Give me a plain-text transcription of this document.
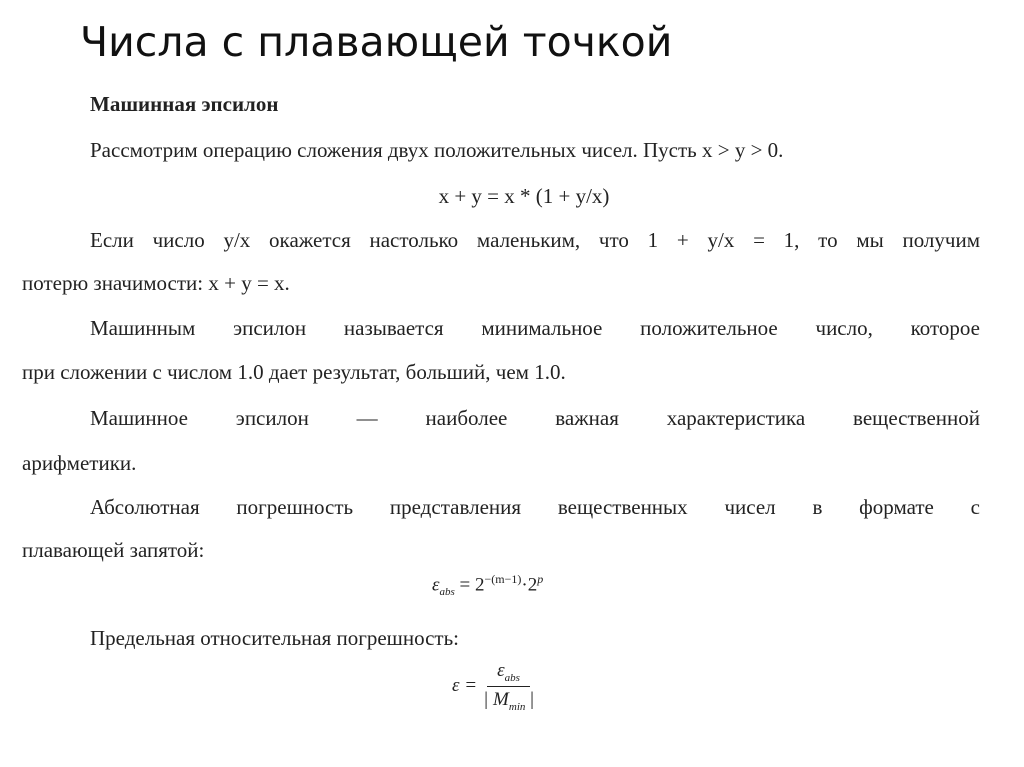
Числа с плавающей точкой
Машинная эпсилон
Рассмотрим операцию сложения двух положительных чисел. Пусть x > y > 0.
x + y = x * (1 + y/x)
Если число y/x окажется настолько маленьким, что 1 + y/x = 1, то мы получим
потерю значимости: x + y = x.
Машинным эпсилон называется минимальное положительное число, которое
при сложении с числом 1.0 дает результат, больший, чем 1.0.
Машинное эпсилон — наиболее важная характеристика вещественной
арифметики.
Абсолютная погрешность представления вещественных чисел в формате с
плавающей запятой:
Предельная относительная погрешность:
$\varepsilon_{abs} = 2^{-(m-1)}\cdot 2^p$
$\varepsilon = \frac{\varepsilon_{abs}}{| M_{min} |}$
